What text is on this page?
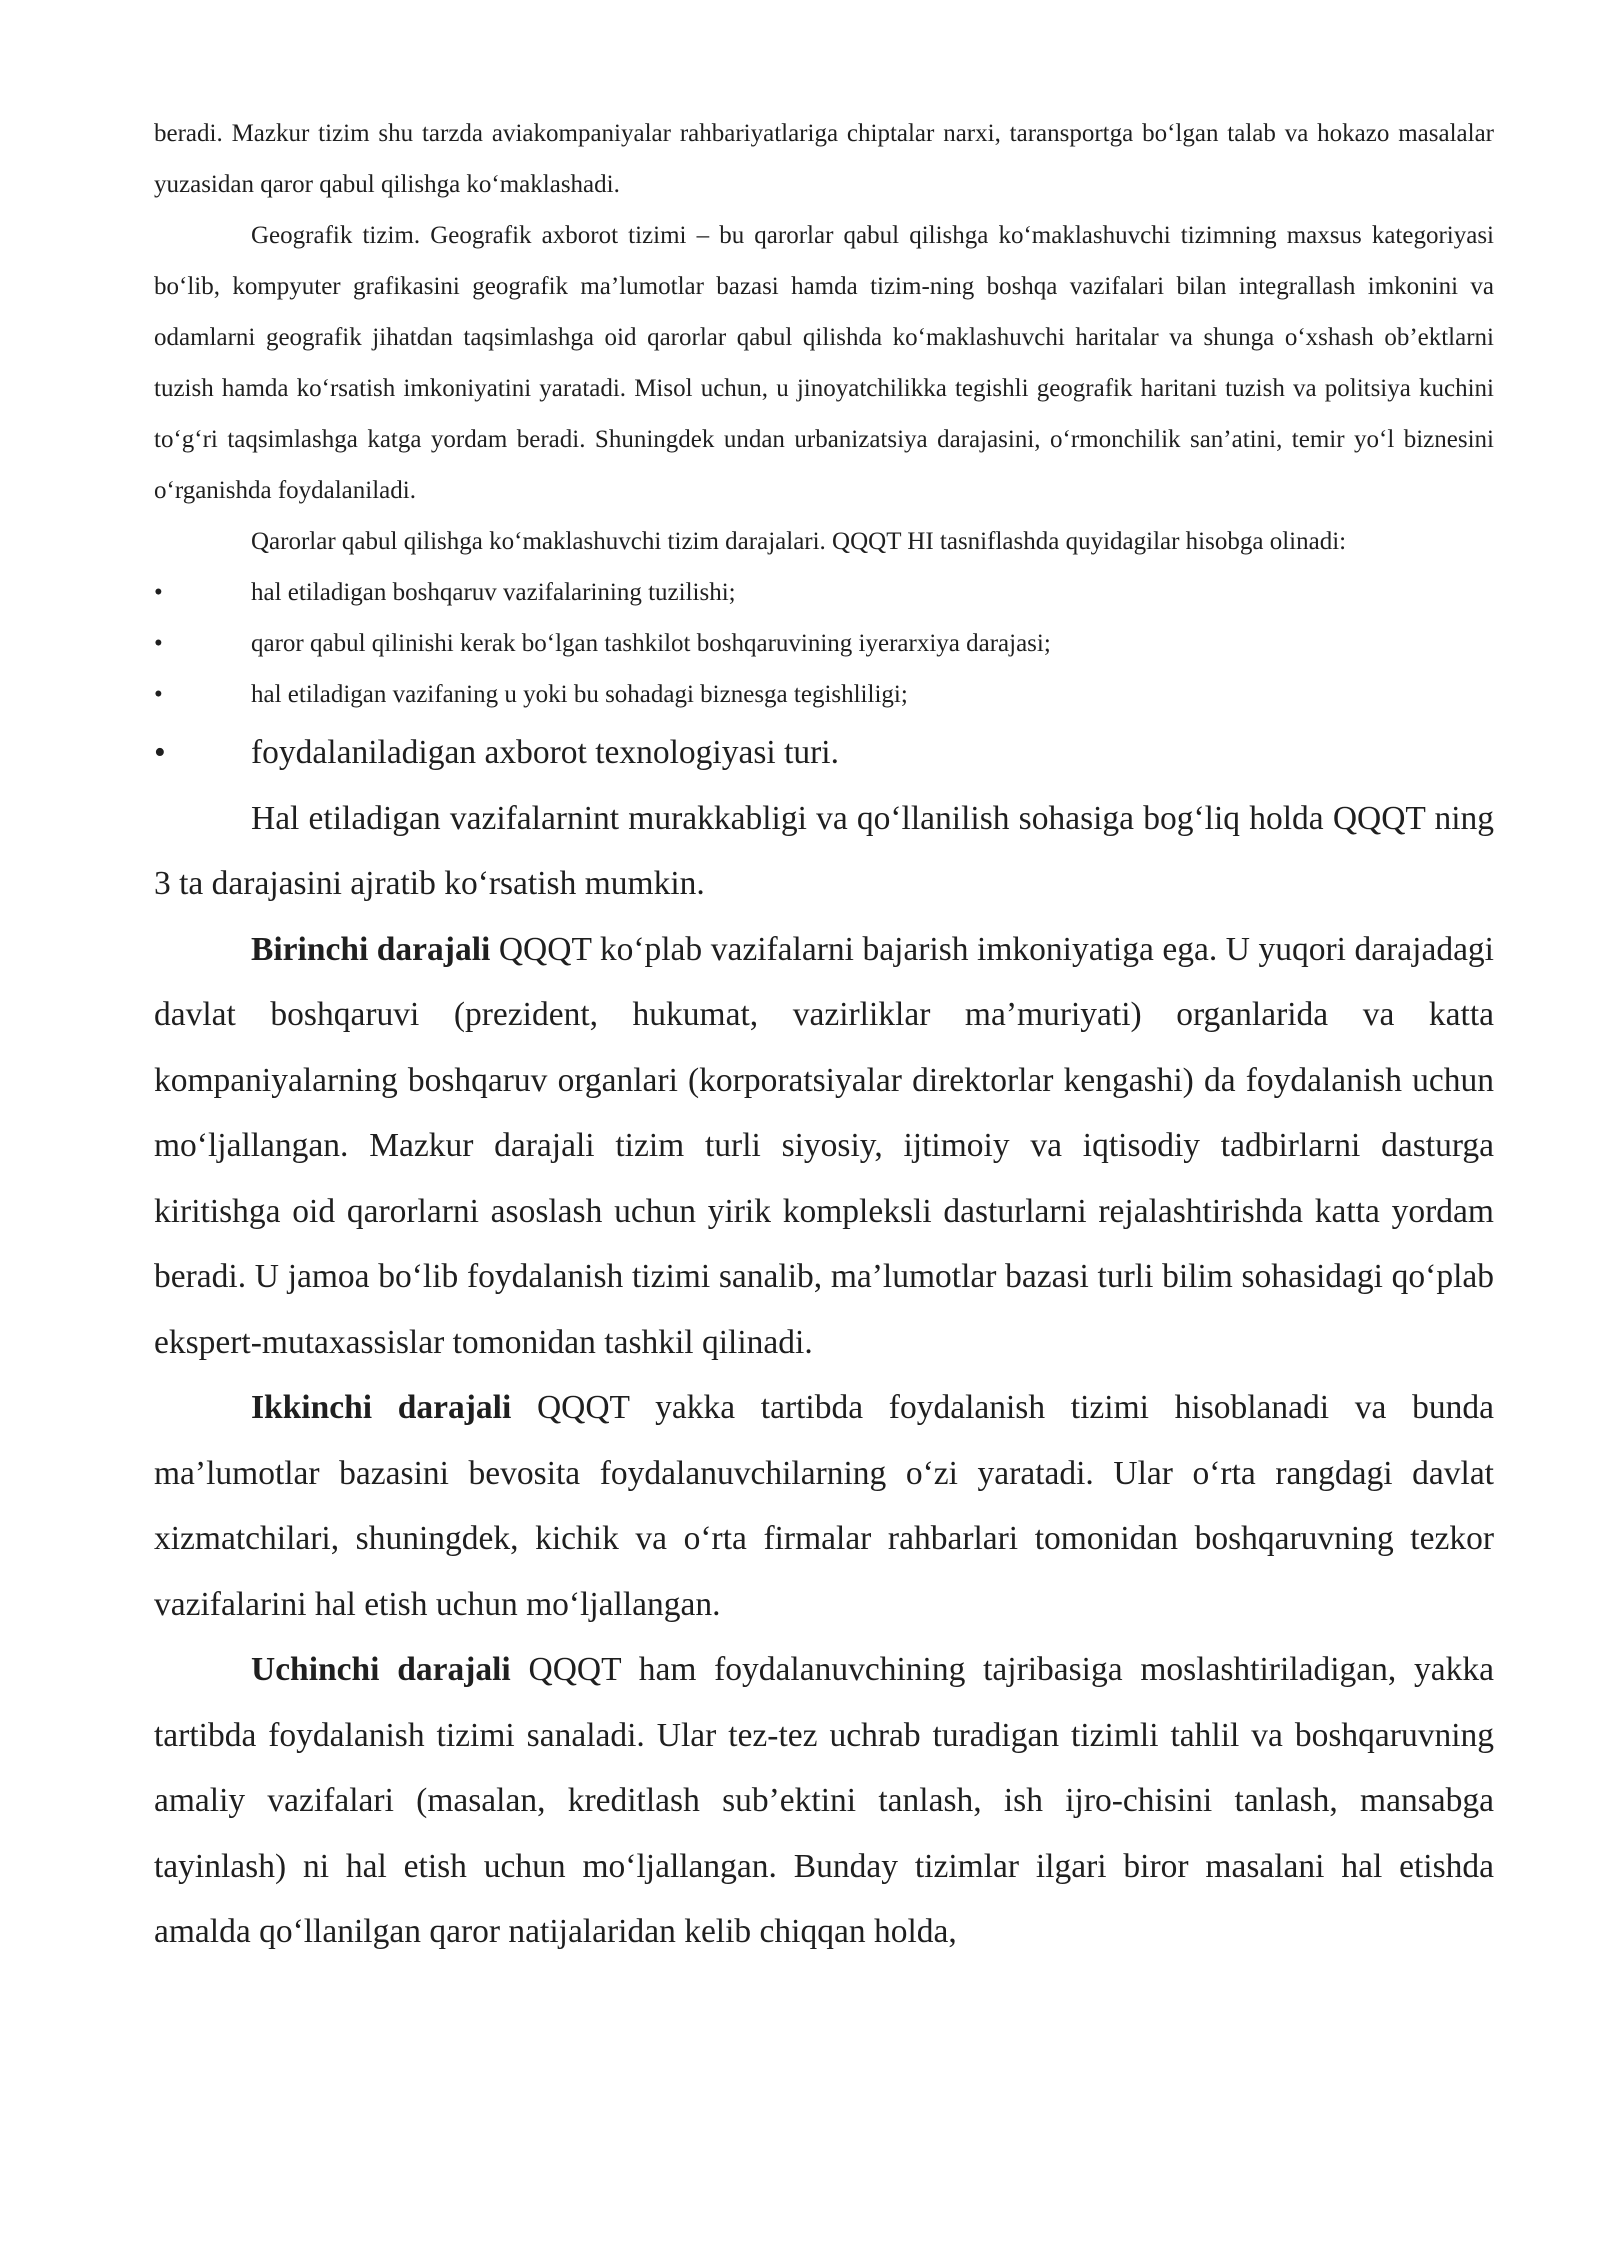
beradi. Mazkur tizim shu tarzda aviakompaniyalar rahbariyatlariga chiptalar narxi, taransportga bo‘lgan talab va hokazo masalalar yuzasidan qaror qabul qilishga ko‘maklashadi.

Geografik tizim. Geografik axborot tizimi – bu qarorlar qabul qilishga ko‘maklashuvchi tizimning maxsus kategoriyasi bo‘lib, kompyuter grafikasini geografik ma’lumotlar bazasi hamda tizim-ning boshqa vazifalari bilan integrallash imkonini va odamlarni geografik jihatdan taqsimlashga oid qarorlar qabul qilishda ko‘maklashuvchi haritalar va shunga o‘xshash ob’ektlarni tuzish hamda ko‘rsatish imkoniyatini yaratadi. Misol uchun, u jinoyatchilikka tegishli geografik haritani tuzish va politsiya kuchini to‘g‘ri taqsimlashga katga yordam beradi. Shuningdek undan urbanizatsiya darajasini, o‘rmonchilik san’atini, temir yo‘l biznesini o‘rganishda foydalaniladi.

Qarorlar qabul qilishga ko‘maklashuvchi tizim darajalari. QQQT HI tasniflashda quyidagilar hisobga olinadi:

•	hal etiladigan boshqaruv vazifalarining tuzilishi;
•	qaror qabul qilinishi kerak bo‘lgan tashkilot boshqaruvining iyerarxiya darajasi;
•	hal etiladigan vazifaning u yoki bu sohadagi biznesga tegishliligi;
•	foydalaniladigan axborot texnologiyasi turi.

Hal etiladigan vazifalarnint murakkabligi va qo‘llanilish sohasiga bog‘liq holda QQQT ning 3 ta darajasini ajratib ko‘rsatish mumkin.

Birinchi darajali QQQT ko‘plab vazifalarni bajarish imkoniyatiga ega. U yuqori darajadagi davlat boshqaruvi (prezident, hukumat, vazirliklar ma’muriyati) organlarida va katta kompaniyalarning boshqaruv organlari (korporatsiyalar direktorlar kengashi) da foydalanish uchun mo‘ljallangan. Mazkur darajali tizim turli siyosiy, ijtimoiy va iqtisodiy tadbirlarni dasturga kiritishga oid qarorlarni asoslash uchun yirik kompleksli dasturlarni rejalashtirishda katta yordam beradi. U jamoa bo‘lib foydalanish tizimi sanalib, ma’lumotlar bazasi turli bilim sohasidagi qo‘plab ekspert-mutaxassislar tomonidan tashkil qilinadi.

Ikkinchi darajali QQQT yakka tartibda foydalanish tizimi hisoblanadi va bunda ma’lumotlar bazasini bevosita foydalanuvchilarning o‘zi yaratadi. Ular o‘rta rangdagi davlat xizmatchilari, shuningdek, kichik va o‘rta firmalar rahbarlari tomonidan boshqaruvning tezkor vazifalarini hal etish uchun mo‘ljallangan.

Uchinchi darajali QQQT ham foydalanuvchining tajribasiga moslashtiriladigan, yakka tartibda foydalanish tizimi sanaladi. Ular tez-tez uchrab turadigan tizimli tahlil va boshqaruvning amaliy vazifalari (masalan, kreditlash sub’ektini tanlash, ish ijro-chisini tanlash, mansabga tayinlash) ni hal etish uchun mo‘ljallangan. Bunday tizimlar ilgari biror masalani hal etishda amalda qo‘llanilgan qaror natijalaridan kelib chiqqan holda,
